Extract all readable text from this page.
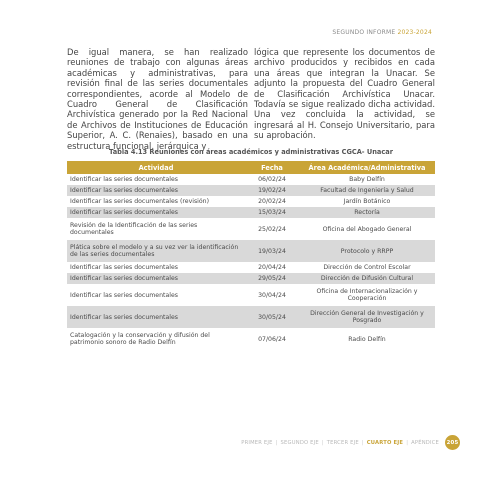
SEGUNDO INFORME 2023-2024
De igual manera, se han realizado reuniones de trabajo con algunas áreas académicas y administrativas, para revisión final de las series documentales correspondientes, acorde al Modelo de Cuadro General de Clasificación Archivística generado por la Red Nacional de Archivos de Instituciones de Educación Superior, A. C. (Renaies), basado en una estructura funcional, jerárquica y
lógica que represente los documentos de archivo producidos y recibidos en cada una áreas que integran la Unacar. Se adjunto la propuesta del Cuadro General de Clasificación Archivística Unacar. Todavía se sigue realizado dicha actividad. Una vez concluida la actividad, se ingresará al H. Consejo Universitario, para su aprobación.
Tabla 4.13 Reuniones con áreas académicos y administrativas CGCA- Unacar
Actividad	Fecha	Área Académica/Administrativa
Identificar las series documentales	06/02/24	Baby Delfín
Identificar las series documentales	19/02/24	Facultad de Ingeniería y Salud
Identificar las series documentales (revisión)	20/02/24	Jardín Botánico
Identificar las series documentales	15/03/24	Rectoría
Revisión de la Identificación de las series documentales	25/02/24	Oficina del Abogado General
Plática sobre el modelo y a su vez ver la identificación de las series documentales	19/03/24	Protocolo y RRPP
Identificar las series documentales	20/04/24	Dirección de Control Escolar
Identificar las series documentales	29/05/24	Dirección de Difusión Cultural
Identificar las series documentales	30/04/24	Oficina de Internacionalización y Cooperación
Identificar las series documentales	30/05/24	Dirección General de Investigación y Posgrado
Catalogación y la conservación y difusión del patrimonio sonoro de Radio Delfín	07/06/24	Radio Delfín
PRIMER EJE | SEGUNDO EJE | TERCER EJE | CUARTO EJE | APÉNDICE 205
